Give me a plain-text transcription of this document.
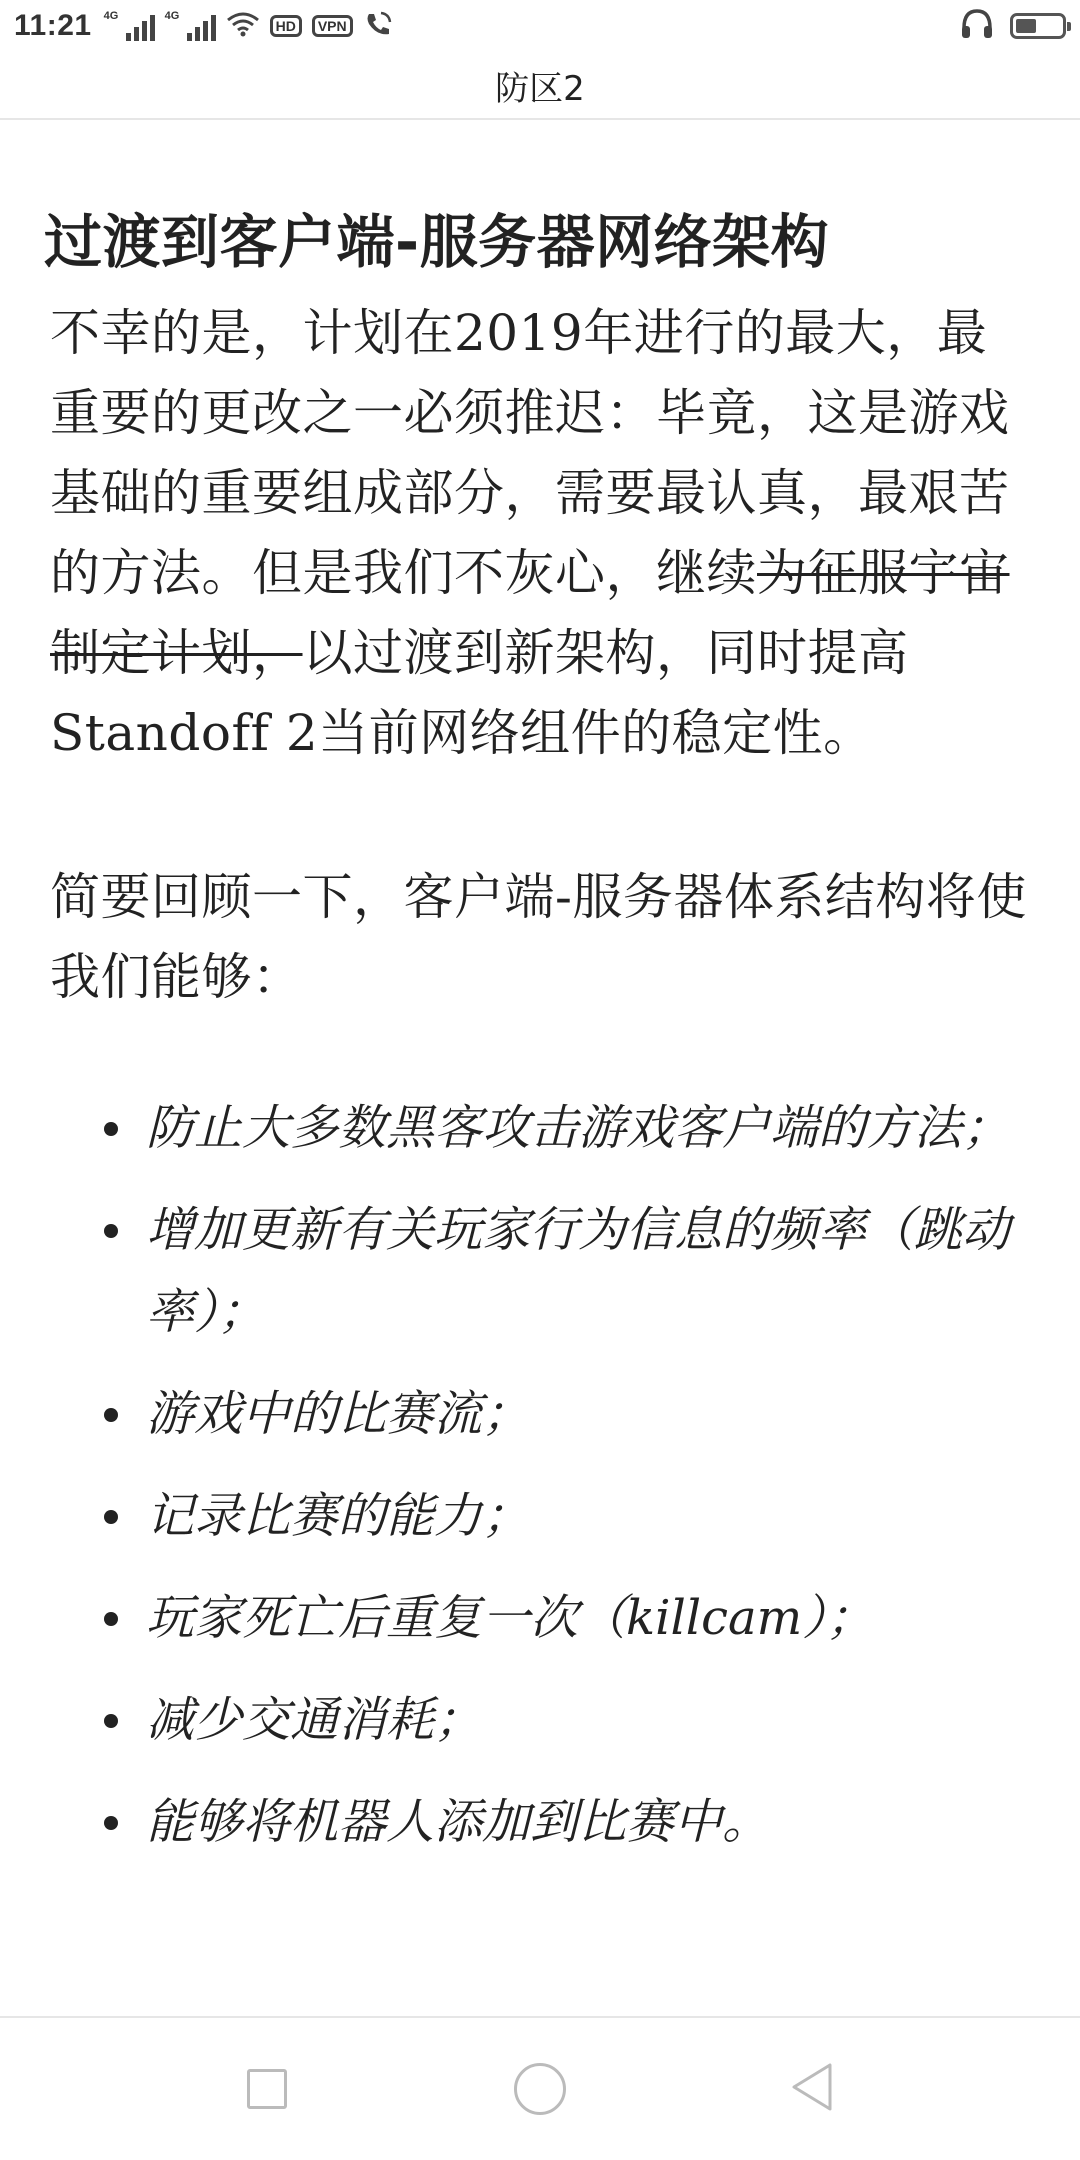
11:21 4G	4G
HD	VPN
防区2
过渡到客户端-服务器网络架构

不幸的是，计划在2019年进行的最大，最重要的更改之一必须推迟：毕竟，这是游戏基础的重要组成部分，需要最认真，最艰苦的方法。但是我们不灰心，继续为征服宇宙制定计划，以过渡到新架构，同时提高Standoff 2当前网络组件的稳定性。

简要回顾一下，客户端-服务器体系结构将使我们能够：

防止大多数黑客攻击游戏客户端的方法；
增加更新有关玩家行为信息的频率（跳动率）；
游戏中的比赛流；
记录比赛的能力；
玩家死亡后重复一次（killcam）；
减少交通消耗；
能够将机器人添加到比赛中。
